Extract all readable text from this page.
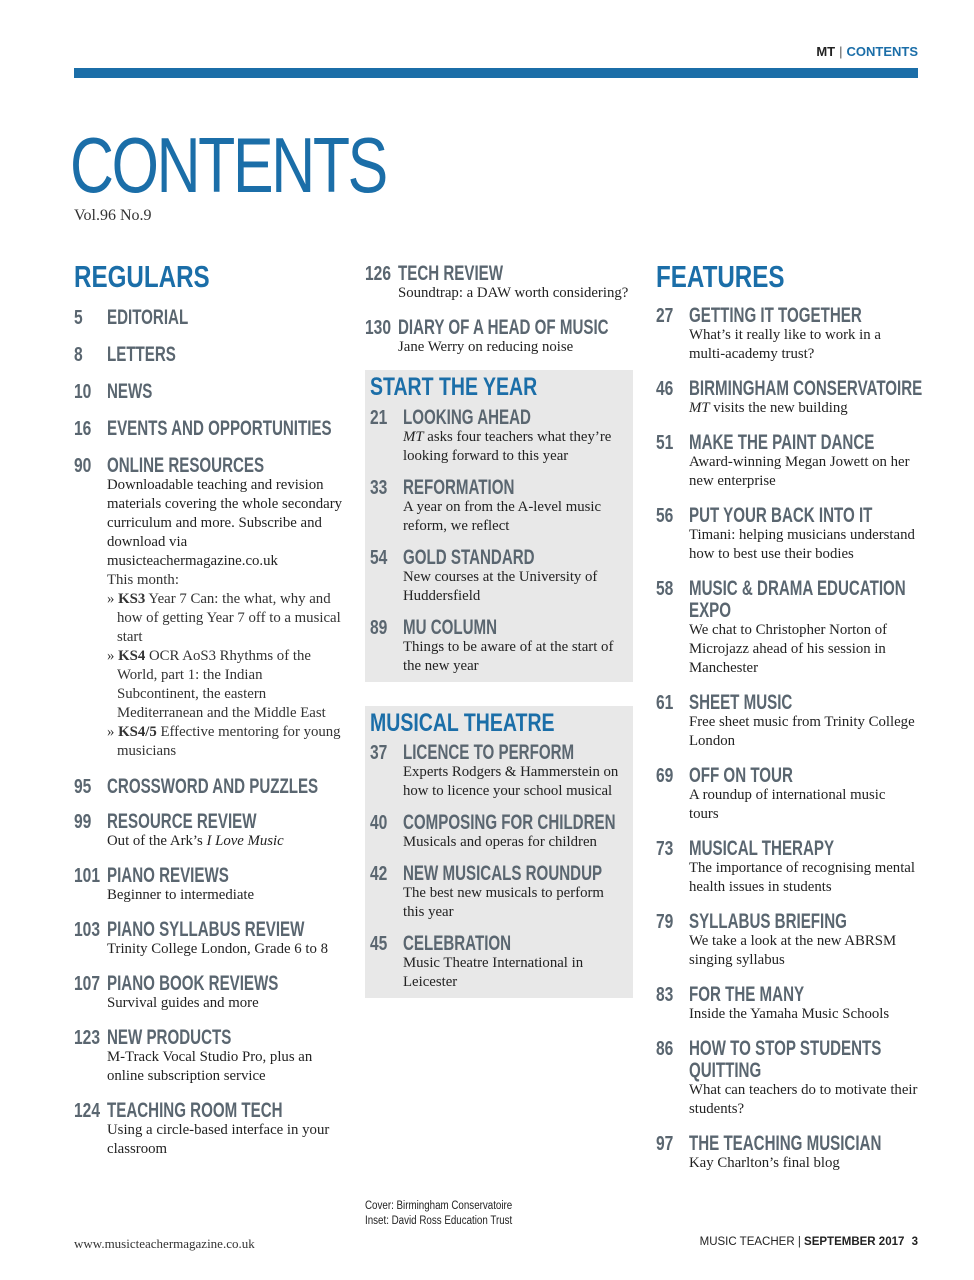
MT | CONTENTS
CONTENTS
Vol.96 No.9
REGULARS
5 EDITORIAL
8 LETTERS
10 NEWS
16 EVENTS AND OPPORTUNITIES
90 ONLINE RESOURCES
Downloadable teaching and revision materials covering the whole secondary curriculum and more. Subscribe and download via musicteachermagazine.co.uk
This month:
» KS3 Year 7 Can: the what, why and how of getting Year 7 off to a musical start
» KS4 OCR AoS3 Rhythms of the World, part 1: the Indian Subcontinent, the eastern Mediterranean and the Middle East
» KS4/5 Effective mentoring for young musicians
95 CROSSWORD AND PUZZLES
99 RESOURCE REVIEW
Out of the Ark’s I Love Music
101 PIANO REVIEWS
Beginner to intermediate
103 PIANO SYLLABUS REVIEW
Trinity College London, Grade 6 to 8
107 PIANO BOOK REVIEWS
Survival guides and more
123 NEW PRODUCTS
M-Track Vocal Studio Pro, plus an online subscription service
124 TEACHING ROOM TECH
Using a circle-based interface in your classroom
126 TECH REVIEW
Soundtrap: a DAW worth considering?
130 DIARY OF A HEAD OF MUSIC
Jane Werry on reducing noise
START THE YEAR
21 LOOKING AHEAD
MT asks four teachers what they’re looking forward to this year
33 REFORMATION
A year on from the A-level music reform, we reflect
54 GOLD STANDARD
New courses at the University of Huddersfield
89 MU COLUMN
Things to be aware of at the start of the new year
MUSICAL THEATRE
37 LICENCE TO PERFORM
Experts Rodgers & Hammerstein on how to licence your school musical
40 COMPOSING FOR CHILDREN
Musicals and operas for children
42 NEW MUSICALS ROUNDUP
The best new musicals to perform this year
45 CELEBRATION
Music Theatre International in Leicester
Cover: Birmingham Conservatoire
Inset: David Ross Education Trust
FEATURES
27 GETTING IT TOGETHER
What’s it really like to work in a multi-academy trust?
46 BIRMINGHAM CONSERVATOIRE
MT visits the new building
51 MAKE THE PAINT DANCE
Award-winning Megan Jowett on her new enterprise
56 PUT YOUR BACK INTO IT
Timani: helping musicians understand how to best use their bodies
58 MUSIC & DRAMA EDUCATION
EXPO
We chat to Christopher Norton of Microjazz ahead of his session in Manchester
61 SHEET MUSIC
Free sheet music from Trinity College London
69 OFF ON TOUR
A roundup of international music tours
73 MUSICAL THERAPY
The importance of recognising mental health issues in students
79 SYLLABUS BRIEFING
We take a look at the new ABRSM singing syllabus
83 FOR THE MANY
Inside the Yamaha Music Schools
86 HOW TO STOP STUDENTS
QUITTING
What can teachers do to motivate their students?
97 THE TEACHING MUSICIAN
Kay Charlton’s final blog
www.musicteachermagazine.co.uk	MUSIC TEACHER | SEPTEMBER 2017 3
